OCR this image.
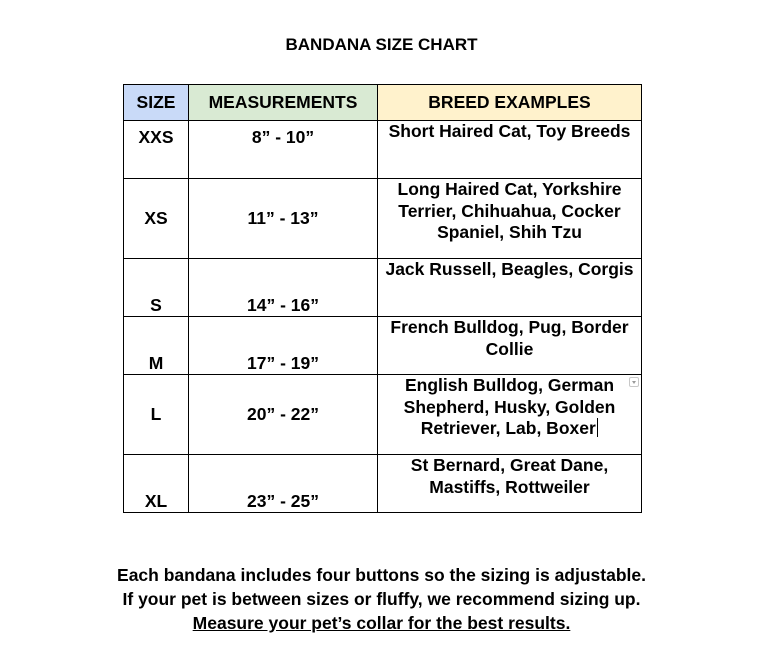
BANDANA SIZE CHART
SIZE	MEASUREMENTS	BREED EXAMPLES
XXS	8” - 10”	Short Haired Cat, Toy Breeds
XS	11” - 13”	Long Haired Cat, Yorkshire Terrier, Chihuahua, Cocker Spaniel, Shih Tzu
S	14” - 16”	Jack Russell, Beagles, Corgis
M	17” - 19”	French Bulldog, Pug, Border Collie
L	20” - 22”	English Bulldog, German Shepherd, Husky, Golden Retriever, Lab, Boxer

XL	23” - 25”	St Bernard, Great Dane, Mastiffs, Rottweiler
Each bandana includes four buttons so the sizing is adjustable.
If your pet is between sizes or fluffy, we recommend sizing up.
Measure your pet’s collar for the best results.
